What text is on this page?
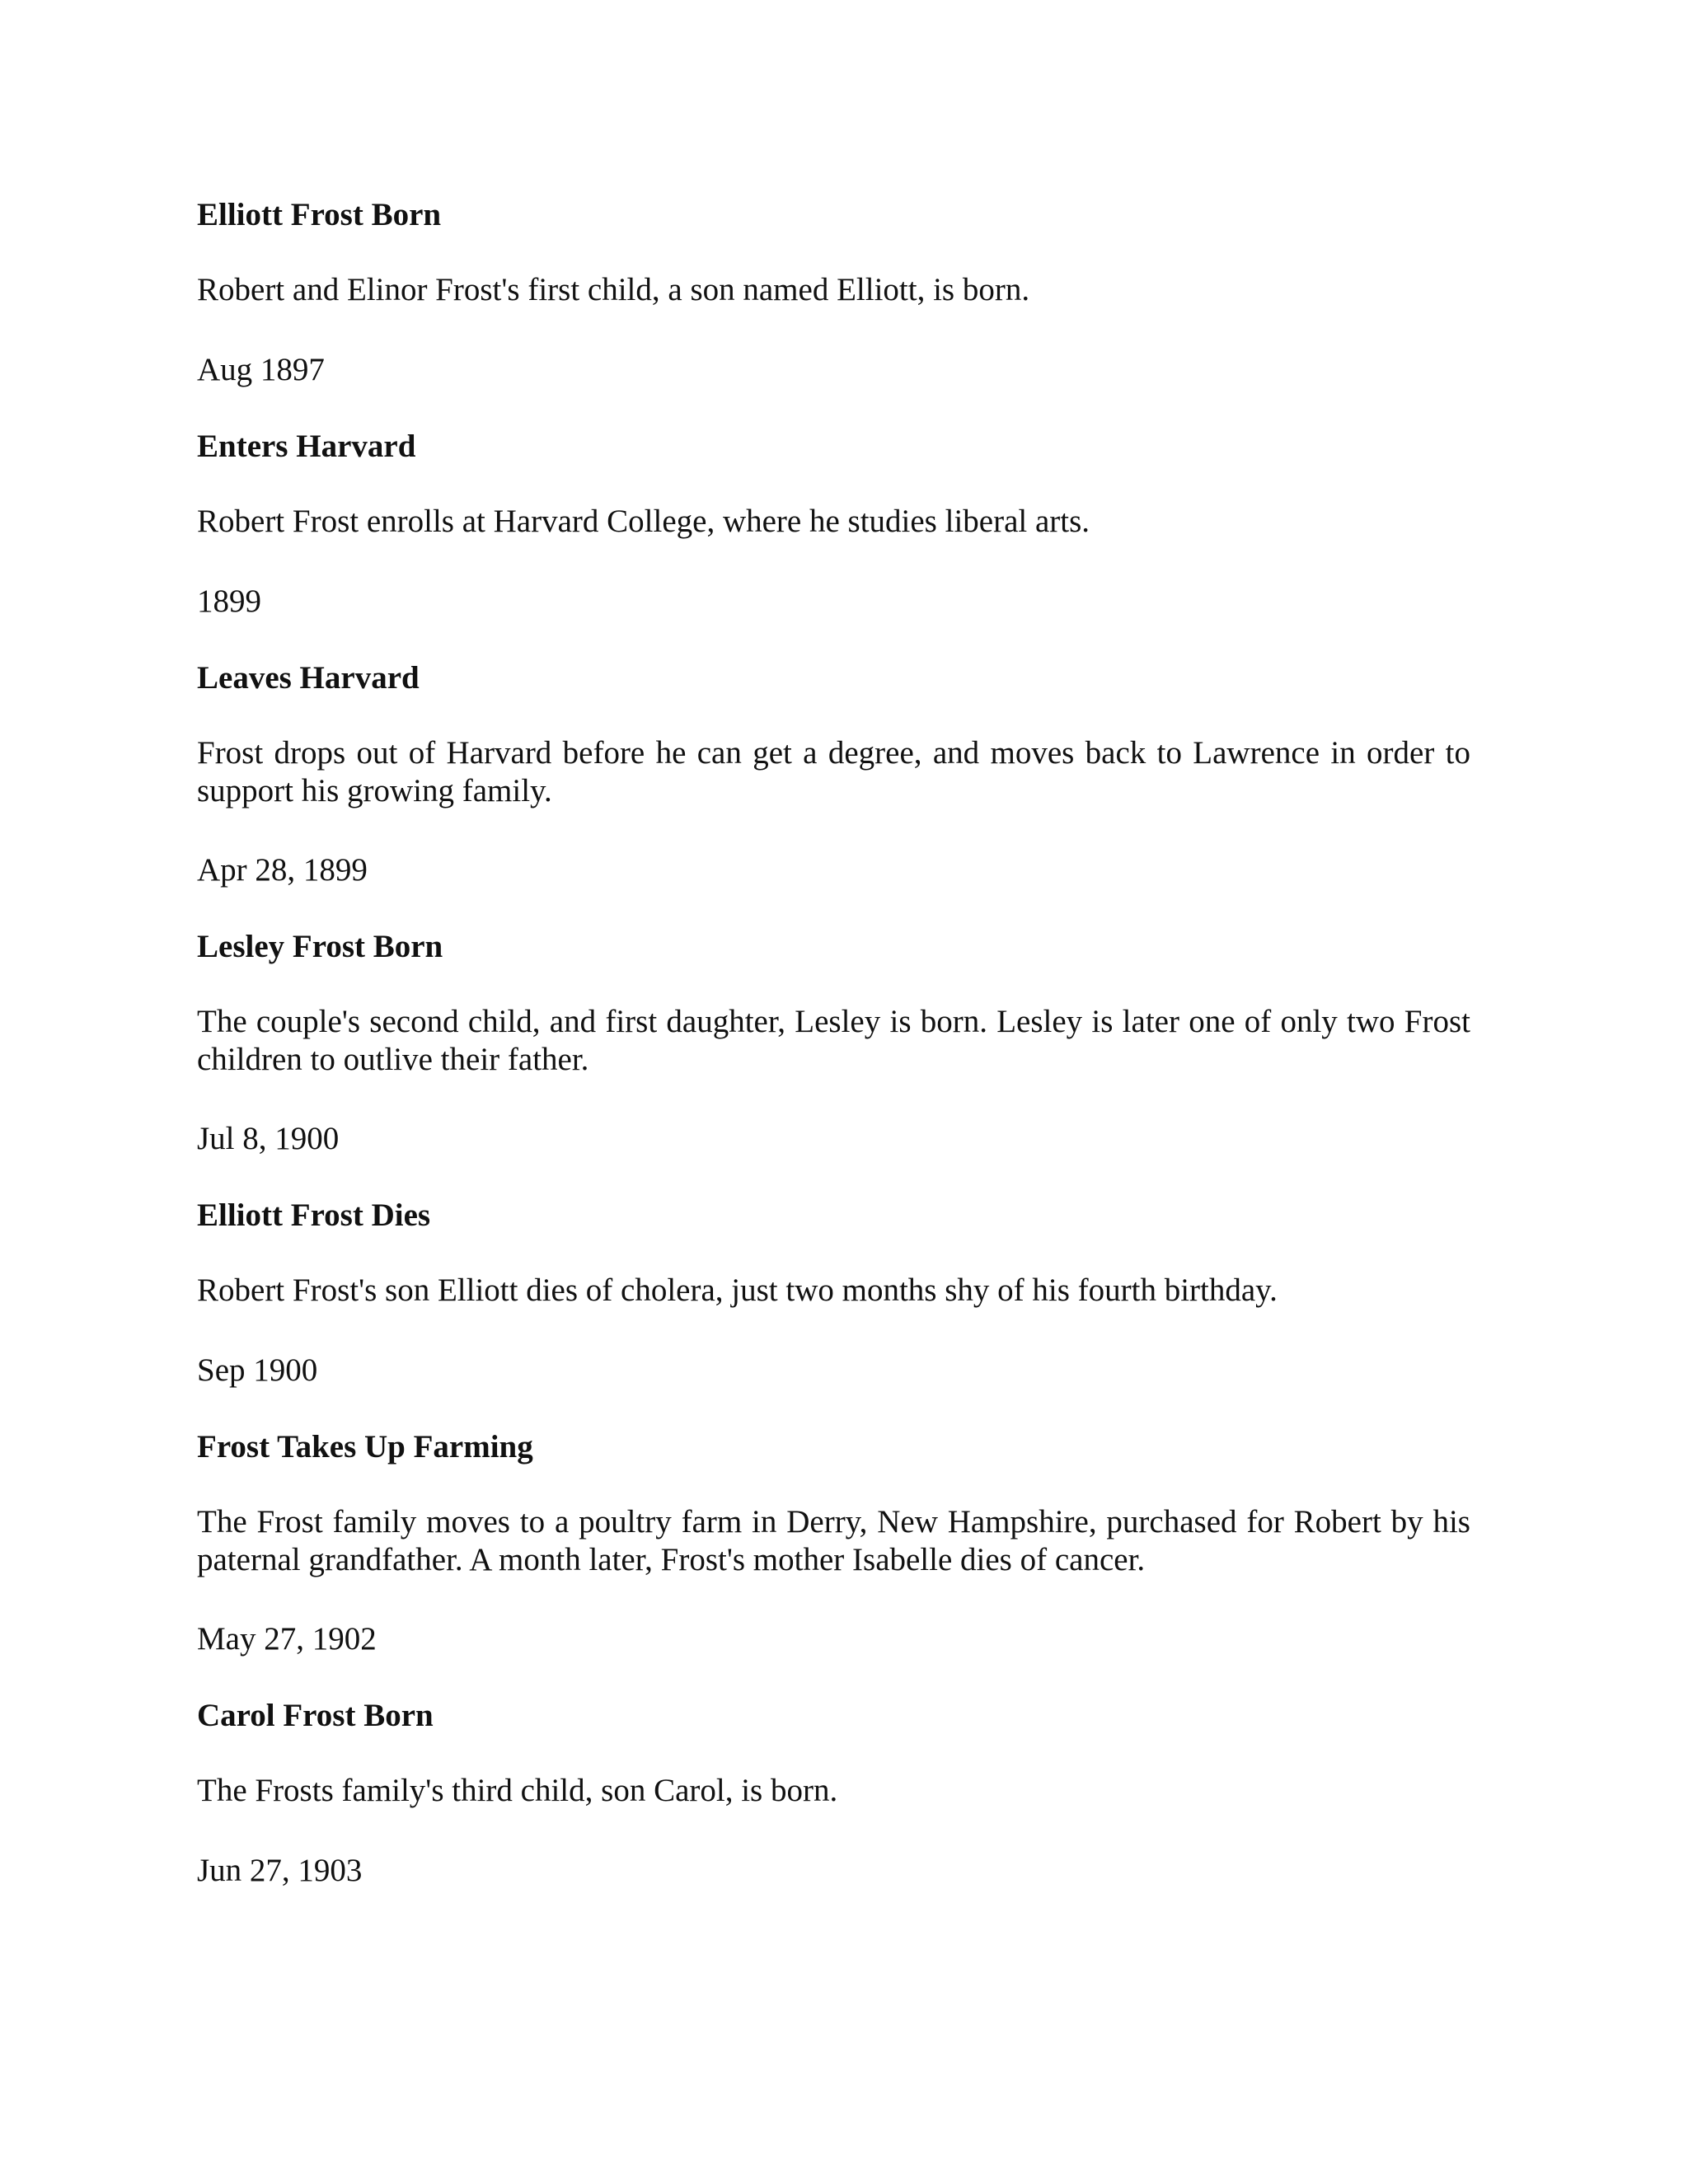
Elliott Frost Born

Robert and Elinor Frost's first child, a son named Elliott, is born.

Aug 1897

Enters Harvard

Robert Frost enrolls at Harvard College, where he studies liberal arts.

1899

Leaves Harvard

Frost drops out of Harvard before he can get a degree, and moves back to Lawrence in order to support his growing family.

Apr 28, 1899

Lesley Frost Born

The couple's second child, and first daughter, Lesley is born. Lesley is later one of only two Frost children to outlive their father.

Jul 8, 1900

Elliott Frost Dies

Robert Frost's son Elliott dies of cholera, just two months shy of his fourth birthday.

Sep 1900

Frost Takes Up Farming

The Frost family moves to a poultry farm in Derry, New Hampshire, purchased for Robert by his paternal grandfather. A month later, Frost's mother Isabelle dies of cancer.

May 27, 1902

Carol Frost Born

The Frosts family's third child, son Carol, is born.

Jun 27, 1903
